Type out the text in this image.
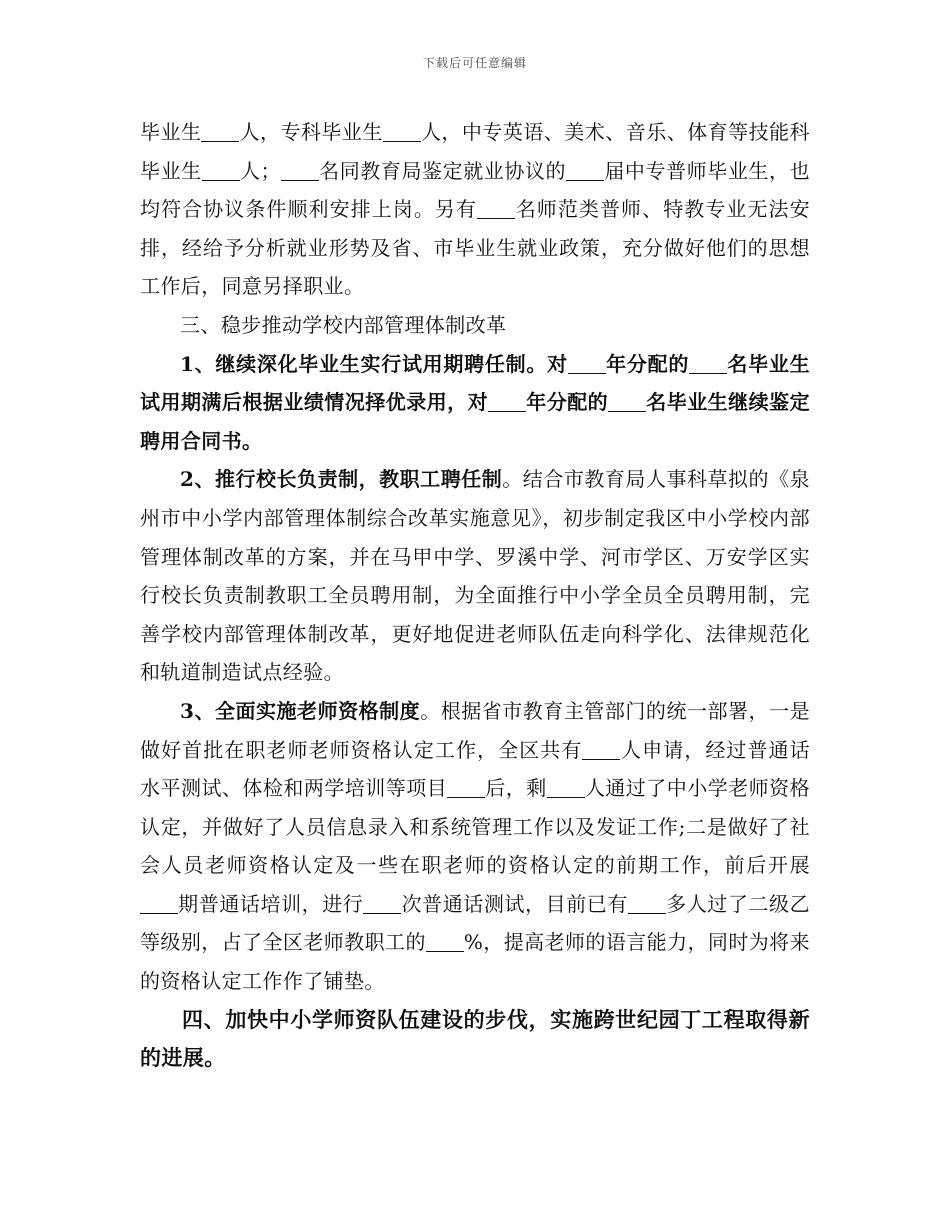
下载后可任意编辑

毕业生 人，专科毕业生 人，中专英语、美术、音乐、体育等技能科毕业生 人； 名同教育局鉴定就业协议的 届中专普师毕业生，也均符合协议条件顺利安排上岗。另有 名师范类普师、特教专业无法安排，经给予分析就业形势及省、市毕业生就业政策，充分做好他们的思想工作后，同意另择职业。

三、稳步推动学校内部管理体制改革

1、继续深化毕业生实行试用期聘任制。对 年分配的 名毕业生试用期满后根据业绩情况择优录用，对 年分配的 名毕业生继续鉴定聘用合同书。

2、推行校长负责制，教职工聘任制。结合市教育局人事科草拟的《泉州市中小学内部管理体制综合改革实施意见》，初步制定我区中小学校内部管理体制改革的方案，并在马甲中学、罗溪中学、河市学区、万安学区实行校长负责制教职工全员聘用制，为全面推行中小学全员全员聘用制，完善学校内部管理体制改革，更好地促进老师队伍走向科学化、法律规范化和轨道制造试点经验。

3、全面实施老师资格制度。根据省市教育主管部门的统一部署，一是做好首批在职老师老师资格认定工作，全区共有 人申请，经过普通话水平测试、体检和两学培训等项目 后，剩 人通过了中小学老师资格认定，并做好了人员信息录入和系统管理工作以及发证工作;二是做好了社会人员老师资格认定及一些在职老师的资格认定的前期工作，前后开展期普通话培训，进行 次普通话测试，目前已有 多人过了二级乙等级别，占了全区老师教职工的 %，提高老师的语言能力，同时为将来的资格认定工作作了铺垫。

四、加快中小学师资队伍建设的步伐，实施跨世纪园丁工程取得新的进展。
